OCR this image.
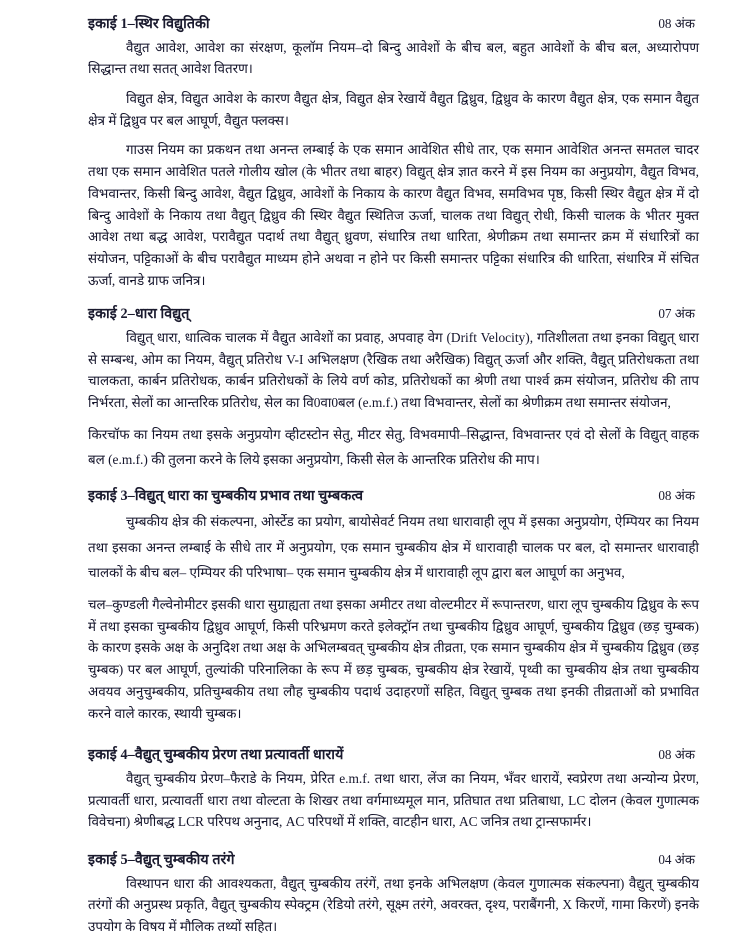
इकाई 1–स्थिर विद्युतिकी	08 अंक

वैद्युत आवेश, आवेश का संरक्षण, कूलॉम नियम–दो बिन्दु आवेशों के बीच बल, बहुत आवेशों के बीच बल, अध्यारोपण सिद्धान्त तथा सतत् आवेश वितरण।

विद्युत क्षेत्र, विद्युत आवेश के कारण वैद्युत क्षेत्र, विद्युत क्षेत्र रेखायें वैद्युत द्विध्रुव, द्विध्रुव के कारण वैद्युत क्षेत्र, एक समान वैद्युत क्षेत्र में द्विध्रुव पर बल आघूर्ण, वैद्युत फ्लक्स।

गाउस नियम का प्रकथन तथा अनन्त लम्बाई के एक समान आवेशित सीधे तार, एक समान आवेशित अनन्त समतल चादर तथा एक समान आवेशित पतले गोलीय खोल (के भीतर तथा बाहर) विद्युत् क्षेत्र ज्ञात करने में इस नियम का अनुप्रयोग, वैद्युत विभव, विभवान्तर, किसी बिन्दु आवेश, वैद्युत द्विध्रुव, आवेशों के निकाय के कारण वैद्युत विभव, समविभव पृष्ठ, किसी स्थिर वैद्युत क्षेत्र में दो बिन्दु आवेशों के निकाय तथा वैद्युत् द्विध्रुव की स्थिर वैद्युत स्थितिज ऊर्जा, चालक तथा विद्युत् रोधी, किसी चालक के भीतर मुक्त आवेश तथा बद्ध आवेश, परावैद्युत पदार्थ तथा वैद्युत् ध्रुवण, संधारित्र तथा धारिता, श्रेणीक्रम तथा समान्तर क्रम में संधारित्रों का संयोजन, पट्टिकाओं के बीच परावैद्युत माध्यम होने अथवा न होने पर किसी समान्तर पट्टिका संधारित्र की धारिता, संधारित्र में संचित ऊर्जा, वानडे ग्राफ जनित्र।

इकाई 2–धारा विद्युत्	07 अंक

विद्युत् धारा, धात्विक चालक में वैद्युत आवेशों का प्रवाह, अपवाह वेग (Drift Velocity), गतिशीलता तथा इनका विद्युत् धारा से सम्बन्ध, ओम का नियम, वैद्युत् प्रतिरोध V-I अभिलक्षण (रैखिक तथा अरैखिक) विद्युत् ऊर्जा और शक्ति, वैद्युत् प्रतिरोधकता तथा चालकता, कार्बन प्रतिरोधक, कार्बन प्रतिरोधकों के लिये वर्ण कोड, प्रतिरोधकों का श्रेणी तथा पार्श्व क्रम संयोजन, प्रतिरोध की ताप निर्भरता, सेलों का आन्तरिक प्रतिरोध, सेल का वि0वा0बल (e.m.f.) तथा विभवान्तर, सेलों का श्रेणीक्रम तथा समान्तर संयोजन,

किरचॉफ का नियम तथा इसके अनुप्रयोग व्हीटस्टोन सेतु, मीटर सेतु, विभवमापी–सिद्धान्त, विभवान्तर एवं दो सेलों के विद्युत् वाहक बल (e.m.f.) की तुलना करने के लिये इसका अनुप्रयोग, किसी सेल के आन्तरिक प्रतिरोध की माप।

इकाई 3–विद्युत् धारा का चुम्बकीय प्रभाव तथा चुम्बकत्व	08 अंक

चुम्बकीय क्षेत्र की संकल्पना, ओर्स्टेड का प्रयोग, बायोसेवर्ट नियम तथा धारावाही लूप में इसका अनुप्रयोग, ऐम्पियर का नियम तथा इसका अनन्त लम्बाई के सीधे तार में अनुप्रयोग, एक समान चुम्बकीय क्षेत्र में धारावाही चालक पर बल, दो समान्तर धारावाही चालकों के बीच बल– एम्पियर की परिभाषा– एक समान चुम्बकीय क्षेत्र में धारावाही लूप द्वारा बल आघूर्ण का अनुभव,

चल–कुण्डली गैल्वेनोमीटर इसकी धारा सुग्राह्यता तथा इसका अमीटर तथा वोल्टमीटर में रूपान्तरण, धारा लूप चुम्बकीय द्विध्रुव के रूप में तथा इसका चुम्बकीय द्विध्रुव आघूर्ण, किसी परिभ्रमण करते इलेक्ट्रॉन तथा चुम्बकीय द्विध्रुव आघूर्ण, चुम्बकीय द्विध्रुव (छड़ चुम्बक) के कारण इसके अक्ष के अनुदिश तथा अक्ष के अभिलम्बवत् चुम्बकीय क्षेत्र तीव्रता, एक समान चुम्बकीय क्षेत्र में चुम्बकीय द्विध्रुव (छड़ चुम्बक) पर बल आघूर्ण, तुल्यांकी परिनालिका के रूप में छड़ चुम्बक, चुम्बकीय क्षेत्र रेखायें, पृथ्वी का चुम्बकीय क्षेत्र तथा चुम्बकीय अवयव अनुचुम्बकीय, प्रतिचुम्बकीय तथा लौह चुम्बकीय पदार्थ उदाहरणों सहित, विद्युत् चुम्बक तथा इनकी तीव्रताओं को प्रभावित करने वाले कारक, स्थायी चुम्बक।

इकाई 4–वैद्युत् चुम्बकीय प्रेरण तथा प्रत्यावर्ती धारायें	08 अंक

वैद्युत् चुम्बकीय प्रेरण–फैराडे के नियम, प्रेरित e.m.f. तथा धारा, लेंज का नियम, भँवर धारायें, स्वप्रेरण तथा अन्योन्य प्रेरण, प्रत्यावर्ती धारा, प्रत्यावर्ती धारा तथा वोल्टता के शिखर तथा वर्गमाध्यमूल मान, प्रतिघात तथा प्रतिबाधा, LC दोलन (केवल गुणात्मक विवेचना) श्रेणीबद्ध LCR परिपथ अनुनाद, AC परिपथों में शक्ति, वाटहीन धारा, AC जनित्र तथा ट्रान्सफार्मर।

इकाई 5–वैद्युत् चुम्बकीय तरंगे	04 अंक

विस्थापन धारा की आवश्यकता, वैद्युत् चुम्बकीय तरंगें, तथा इनके अभिलक्षण (केवल गुणात्मक संकल्पना) वैद्युत् चुम्बकीय तरंगों की अनुप्रस्थ प्रकृति, वैद्युत् चुम्बकीय स्पेक्ट्रम (रेडियो तरंगे, सूक्ष्म तरंगे, अवरक्त, दृश्य, पराबैंगनी, X किरणें, गामा किरणें) इनके उपयोग के विषय में मौलिक तथ्यों सहित।
